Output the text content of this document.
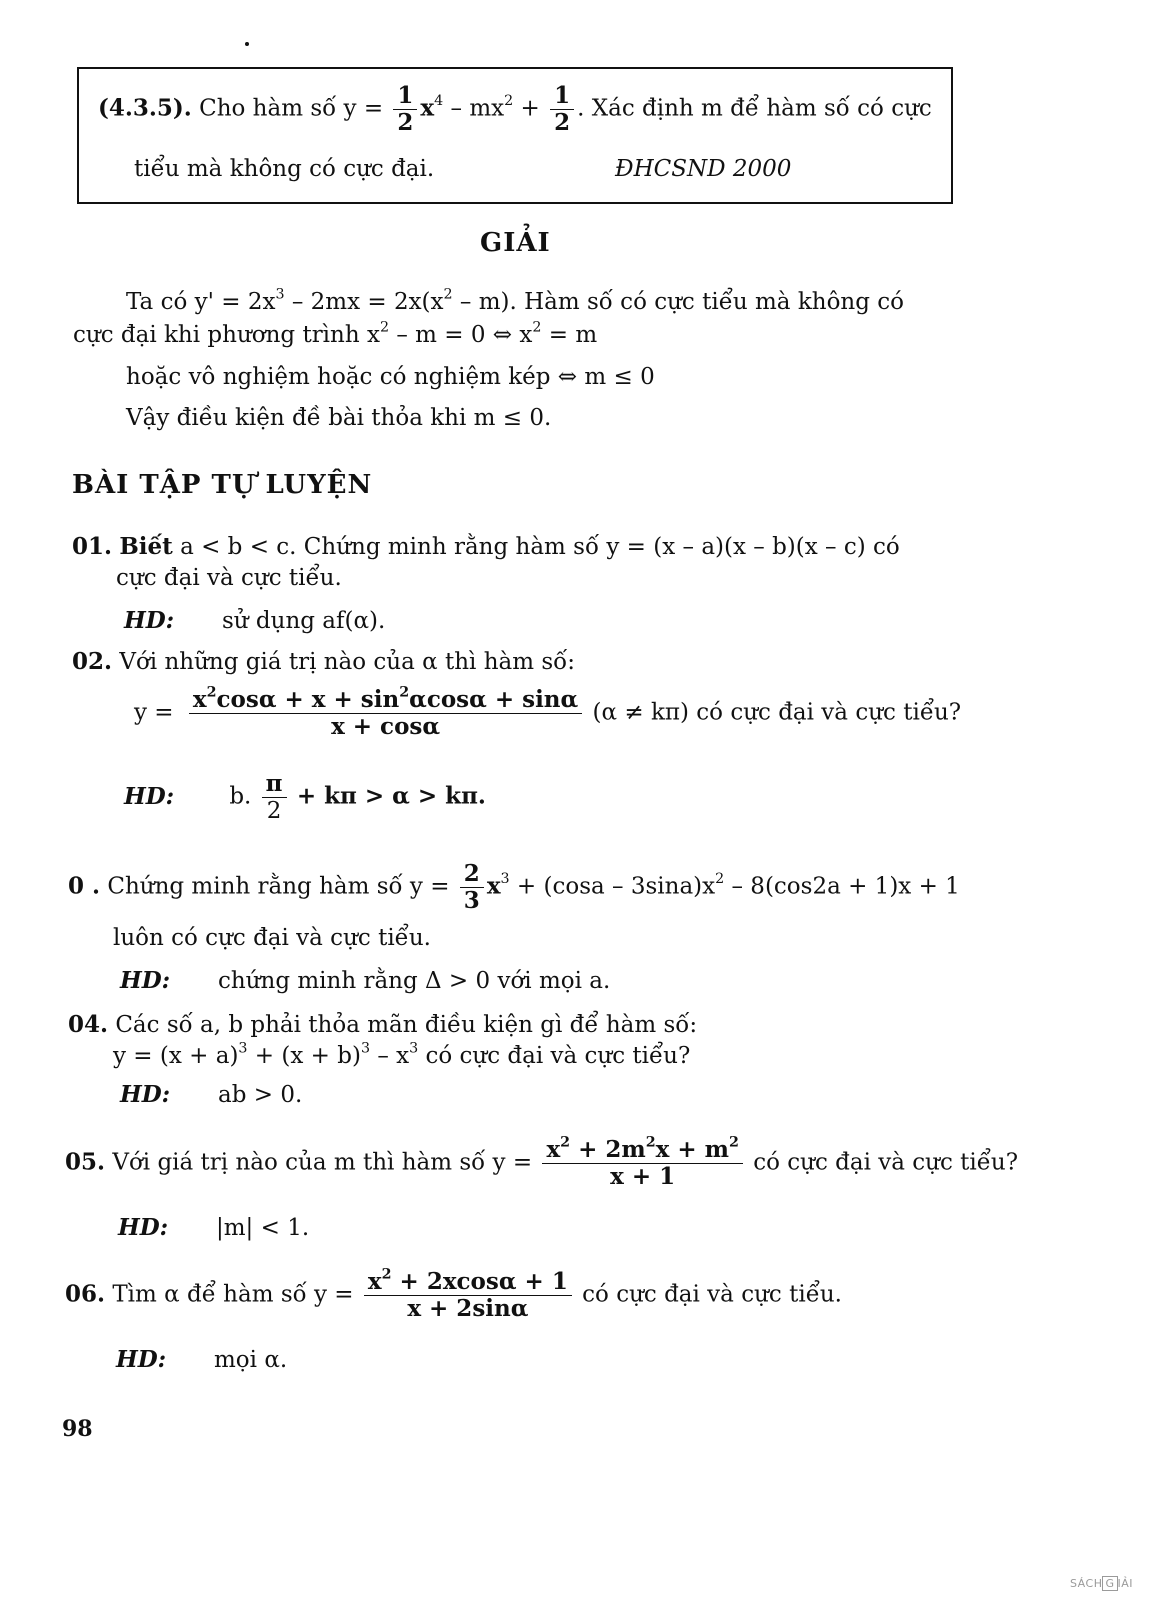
(4.3.5). Cho hàm số $y = \frac{1}{2} x^4 - mx^2 + \frac{1}{2}$ . Xác định m để hàm số có cực
tiểu mà không có cực đại.	ĐHCSND 2000
GIẢI
Ta có $y' = 2x^3 - 2mx = 2x(x^2 - m)$. Hàm số có cực tiểu mà không có
cực đại khi phương trình $x^2 - m = 0$ ⇔ $x^2 = m$
hoặc vô nghiệm hoặc có nghiệm kép ⇔ m ≤ 0
Vậy điều kiện đề bài thỏa khi m ≤ 0.
BÀI TẬP TỰ LUYỆN
01. Biết a < b < c. Chứng minh rằng hàm số y = (x – a)(x – b)(x – c) có
cực đại và cực tiểu.
HD: sử dụng af(α).
02. Với những giá trị nào của α thì hàm số:
$y = \frac{x^2\cos\alpha + x + \sin^2\alpha\cos\alpha + \sin\alpha}{x + \cos\alpha} (\alpha \ne k\pi)$ có cực đại và cực tiểu?
HD: b. $\frac{\pi}{2} + k\pi > \alpha > k\pi$.
0 . Chứng minh rằng hàm số $y = \frac{2}{3} x^3 + (\cos a - 3\sin a)x^2 - 8(\cos 2a + 1)x + 1$
luôn có cực đại và cực tiểu.
HD: chứng minh rằng Δ > 0 với mọi a.
04. Các số a, b phải thỏa mãn điều kiện gì để hàm số:
$y = (x + a)^3 + (x + b)^3 - x^3$ có cực đại và cực tiểu?
HD: ab > 0.
05. Với giá trị nào của m thì hàm số $y = \frac{x^2 + 2m^2x + m^2}{x + 1}$ có cực đại và cực tiểu?
HD: |m| < 1.
06. Tìm α để hàm số $y = \frac{x^2 + 2xcos\alpha + 1}{x + 2\sin\alpha}$ có cực đại và cực tiểu.
HD: mọi α.
98
SÁCH G IẢI
